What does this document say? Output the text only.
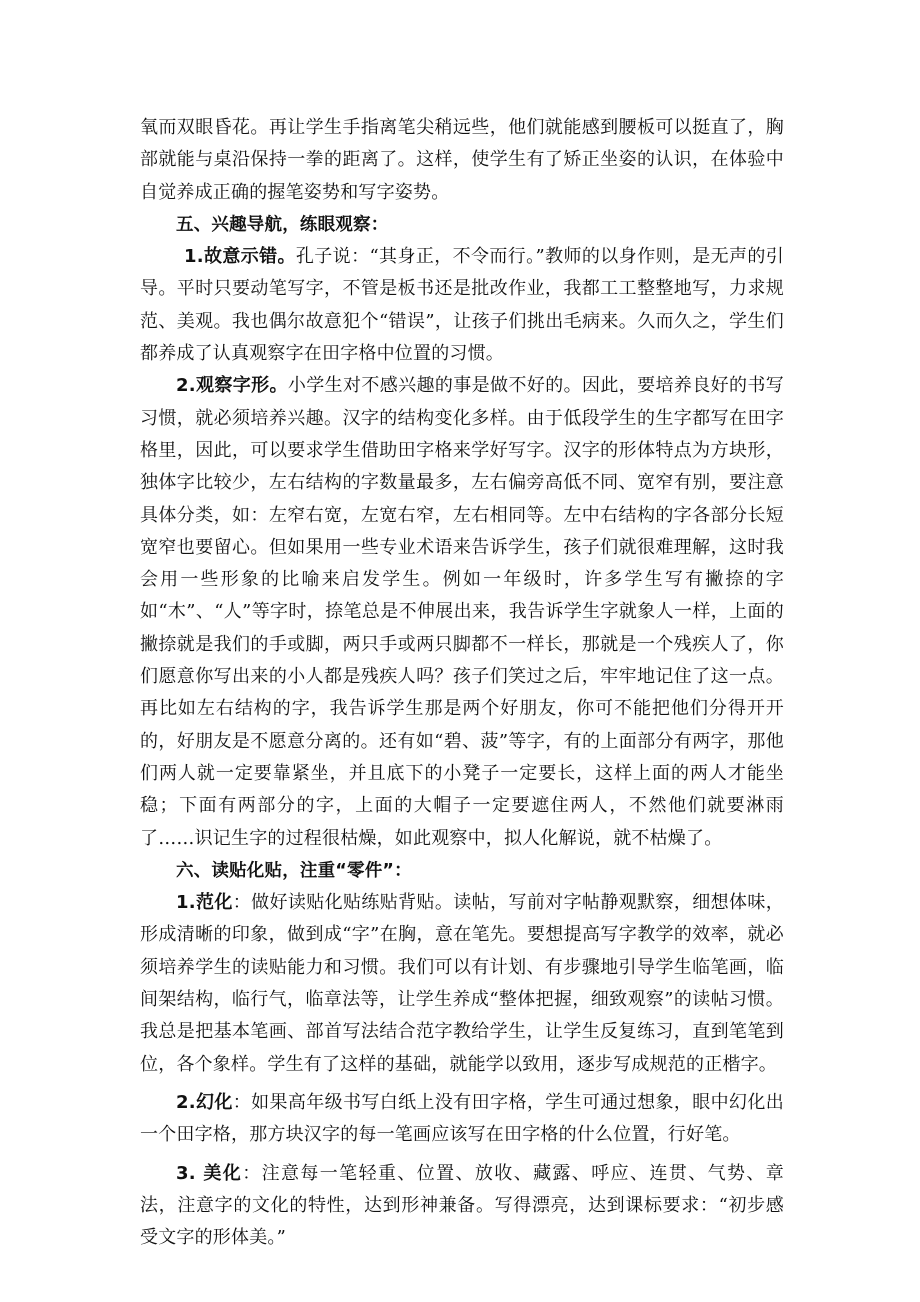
氧而双眼昏花。再让学生手指离笔尖稍远些，他们就能感到腰板可以挺直了，胸部就能与桌沿保持一拳的距离了。这样，使学生有了矫正坐姿的认识，在体验中自觉养成正确的握笔姿势和写字姿势。

五、兴趣导航，练眼观察：

1.故意示错。孔子说：“其身正，不令而行。”教师的以身作则，是无声的引导。平时只要动笔写字，不管是板书还是批改作业，我都工工整整地写，力求规范、美观。我也偶尔故意犯个“错误”，让孩子们挑出毛病来。久而久之，学生们都养成了认真观察字在田字格中位置的习惯。

2.观察字形。小学生对不感兴趣的事是做不好的。因此，要培养良好的书写习惯，就必须培养兴趣。汉字的结构变化多样。由于低段学生的生字都写在田字格里，因此，可以要求学生借助田字格来学好写字。汉字的形体特点为方块形，独体字比较少，左右结构的字数量最多，左右偏旁高低不同、宽窄有别，要注意具体分类，如：左窄右宽，左宽右窄，左右相同等。左中右结构的字各部分长短宽窄也要留心。但如果用一些专业术语来告诉学生，孩子们就很难理解，这时我会用一些形象的比喻来启发学生。例如一年级时，许多学生写有撇捺的字如“木”、“人”等字时，捺笔总是不伸展出来，我告诉学生字就象人一样，上面的撇捺就是我们的手或脚，两只手或两只脚都不一样长，那就是一个残疾人了，你们愿意你写出来的小人都是残疾人吗？孩子们笑过之后，牢牢地记住了这一点。再比如左右结构的字，我告诉学生那是两个好朋友，你可不能把他们分得开开的，好朋友是不愿意分离的。还有如“碧、菠”等字，有的上面部分有两字，那他们两人就一定要靠紧坐，并且底下的小凳子一定要长，这样上面的两人才能坐稳；下面有两部分的字，上面的大帽子一定要遮住两人，不然他们就要淋雨了……识记生字的过程很枯燥，如此观察中，拟人化解说，就不枯燥了。

六、读贴化贴，注重“零件”：

1.范化：做好读贴化贴练贴背贴。读帖，写前对字帖静观默察，细想体味，形成清晰的印象，做到成“字”在胸，意在笔先。要想提高写字教学的效率，就必须培养学生的读贴能力和习惯。我们可以有计划、有步骤地引导学生临笔画，临间架结构，临行气，临章法等，让学生养成“整体把握，细致观察”的读帖习惯。我总是把基本笔画、部首写法结合范字教给学生，让学生反复练习，直到笔笔到位，各个象样。学生有了这样的基础，就能学以致用，逐步写成规范的正楷字。

2.幻化：如果高年级书写白纸上没有田字格，学生可通过想象，眼中幻化出一个田字格，那方块汉字的每一笔画应该写在田字格的什么位置，行好笔。

3. 美化：注意每一笔轻重、位置、放收、藏露、呼应、连贯、气势、章法，注意字的文化的特性，达到形神兼备。写得漂亮，达到课标要求：“初步感受文字的形体美。”
